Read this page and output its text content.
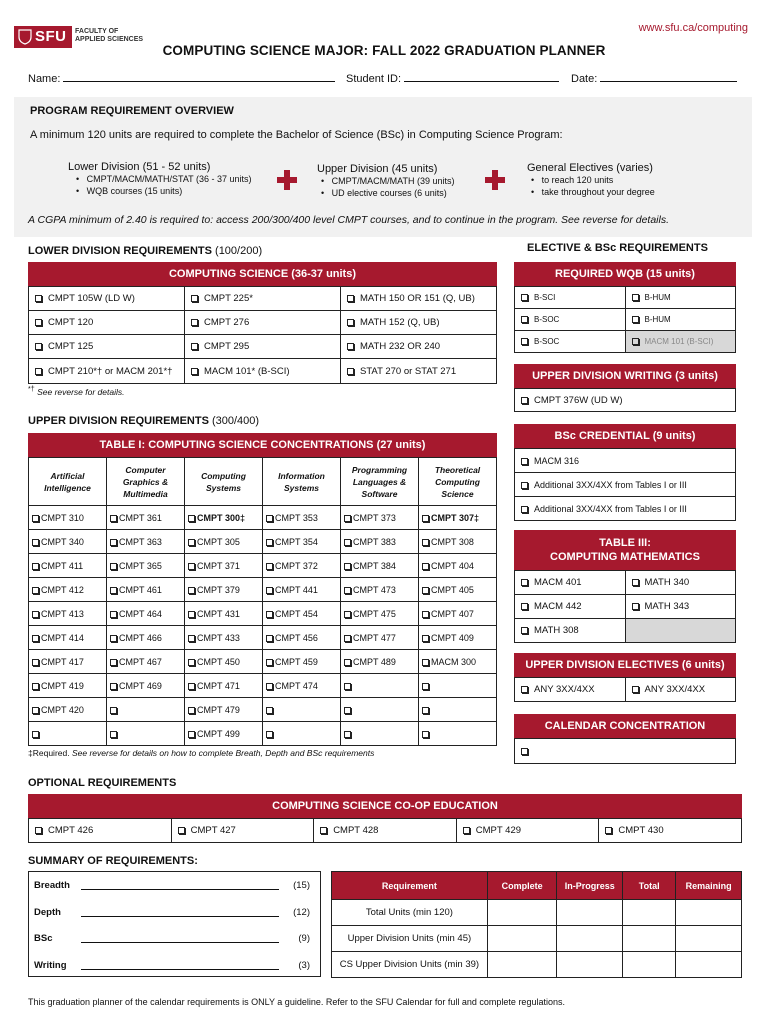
SFU	FACULTY OF
APPLIED SCIENCES
www.sfu.ca/computing
COMPUTING SCIENCE MAJOR: FALL 2022 GRADUATION PLANNER
Name:	Student ID:	Date:
PROGRAM REQUIREMENT OVERVIEW
A minimum 120 units are required to complete the Bachelor of Science (BSc) in Computing Science Program:
Lower Division (51 - 52 units)
•   CMPT/MACM/MATH/STAT (36 - 37 units)
•   WQB courses (15 units)
Upper Division (45 units)
•   CMPT/MACM/MATH (39 units)
•   UD elective courses (6 units)
General Electives (varies)
•   to reach 120 units
•   take throughout your degree
A CGPA minimum of 2.40 is required to: access 200/300/400 level CMPT courses, and to continue in the program. See reverse for details.
LOWER DIVISION REQUIREMENTS (100/200)
COMPUTING SCIENCE (36-37 units)
CMPT 105W (LD W)	CMPT 225*	MATH 150 OR 151 (Q, UB)
CMPT 120	CMPT 276	MATH 152 (Q, UB)
CMPT 125	CMPT 295	MATH 232 OR 240
CMPT 210*† or MACM 201*†	MACM 101* (B-SCI)	STAT 270 or STAT 271
*† See reverse for details.
UPPER DIVISION REQUIREMENTS (300/400)
TABLE I: COMPUTING SCIENCE CONCENTRATIONS (27 units)
Artificial Intelligence	Computer Graphics & Multimedia	Computing Systems	Information Systems	Programming Languages & Software	Theoretical Computing Science
CMPT 310	CMPT 361	CMPT 300‡	CMPT 353	CMPT 373	CMPT 307‡
CMPT 340	CMPT 363	CMPT 305	CMPT 354	CMPT 383	CMPT 308
CMPT 411	CMPT 365	CMPT 371	CMPT 372	CMPT 384	CMPT 404
CMPT 412	CMPT 461	CMPT 379	CMPT 441	CMPT 473	CMPT 405
CMPT 413	CMPT 464	CMPT 431	CMPT 454	CMPT 475	CMPT 407
CMPT 414	CMPT 466	CMPT 433	CMPT 456	CMPT 477	CMPT 409
CMPT 417	CMPT 467	CMPT 450	CMPT 459	CMPT 489	MACM 300
CMPT 419	CMPT 469	CMPT 471	CMPT 474		
CMPT 420		CMPT 479			
		CMPT 499			
‡Required. See reverse for details on how to complete Breath, Depth and BSc requirements
ELECTIVE & BSc REQUIREMENTS
REQUIRED WQB (15 units)
B-SCI	B-HUM
B-SOC	B-HUM
B-SOC	MACM 101 (B-SCI)
UPPER DIVISION WRITING (3 units)
CMPT 376W (UD W)
BSc CREDENTIAL (9 units)
MACM 316
Additional 3XX/4XX from Tables I or III
Additional 3XX/4XX from Tables I or III
TABLE III:
COMPUTING MATHEMATICS
MACM 401	MATH 340
MACM 442	MATH 343
MATH 308	
UPPER DIVISION ELECTIVES (6 units)
ANY 3XX/4XX	ANY 3XX/4XX
CALENDAR CONCENTRATION
OPTIONAL REQUIREMENTS
COMPUTING SCIENCE CO-OP EDUCATION
CMPT 426	CMPT 427	CMPT 428	CMPT 429	CMPT 430
SUMMARY OF REQUIREMENTS:
Breadth	(15)
Depth	(12)
BSc	(9)
Writing	(3)
Requirement	Complete	In-Progress	Total	Remaining
Total Units (min 120)				
Upper Division Units (min 45)				
CS Upper Division Units (min 39)				
This graduation planner of the calendar requirements is ONLY a guideline. Refer to the SFU Calendar for full and complete regulations.
